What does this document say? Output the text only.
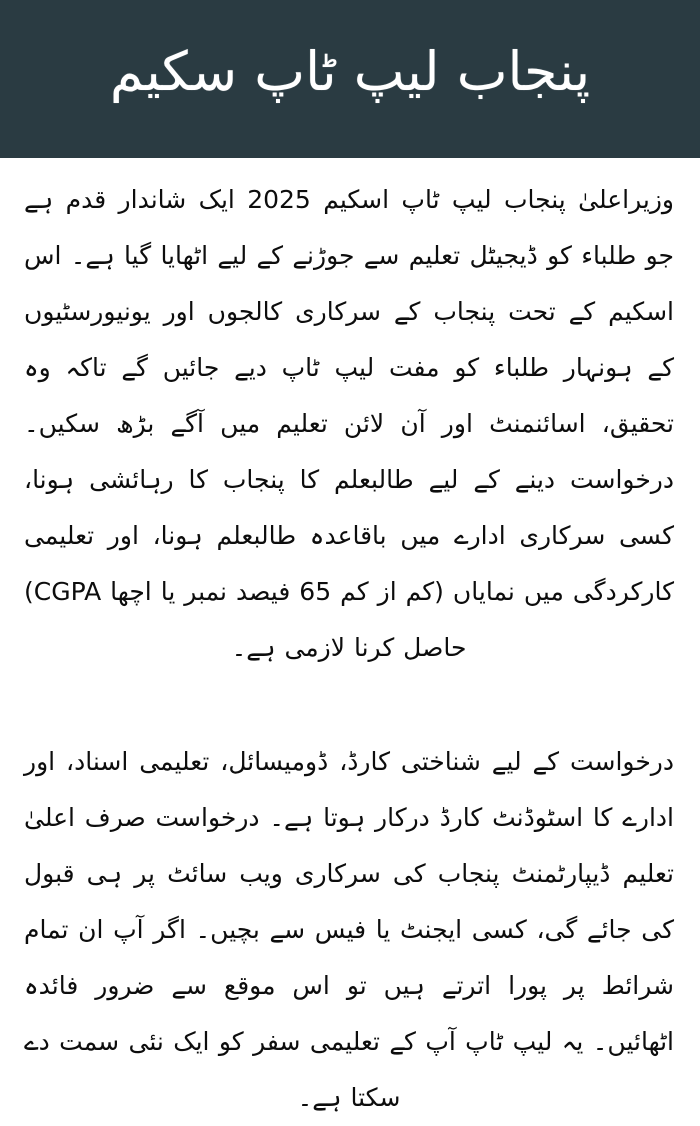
پنجاب لیپ ٹاپ سکیم

وزیراعلیٰ پنجاب لیپ ٹاپ اسکیم 2025 ایک شاندار قدم ہے جو طلباء کو ڈیجیٹل تعلیم سے جوڑنے کے لیے اٹھایا گیا ہے۔ اس اسکیم کے تحت پنجاب کے سرکاری کالجوں اور یونیورسٹیوں کے ہونہار طلباء کو مفت لیپ ٹاپ دیے جائیں گے تاکہ وہ تحقیق، اسائنمنٹ اور آن لائن تعلیم میں آگے بڑھ سکیں۔ درخواست دینے کے لیے طالبعلم کا پنجاب کا رہائشی ہونا، کسی سرکاری ادارے میں باقاعدہ طالبعلم ہونا، اور تعلیمی کارکردگی میں نمایاں (کم از کم 65 فیصد نمبر یا اچھا CGPA) حاصل کرنا لازمی ہے۔

درخواست کے لیے شناختی کارڈ، ڈومیسائل، تعلیمی اسناد، اور ادارے کا اسٹوڈنٹ کارڈ درکار ہوتا ہے۔ درخواست صرف اعلیٰ تعلیم ڈیپارٹمنٹ پنجاب کی سرکاری ویب سائٹ پر ہی قبول کی جائے گی، کسی ایجنٹ یا فیس سے بچیں۔ اگر آپ ان تمام شرائط پر پورا اترتے ہیں تو اس موقع سے ضرور فائدہ اٹھائیں۔ یہ لیپ ٹاپ آپ کے تعلیمی سفر کو ایک نئی سمت دے سکتا ہے۔
